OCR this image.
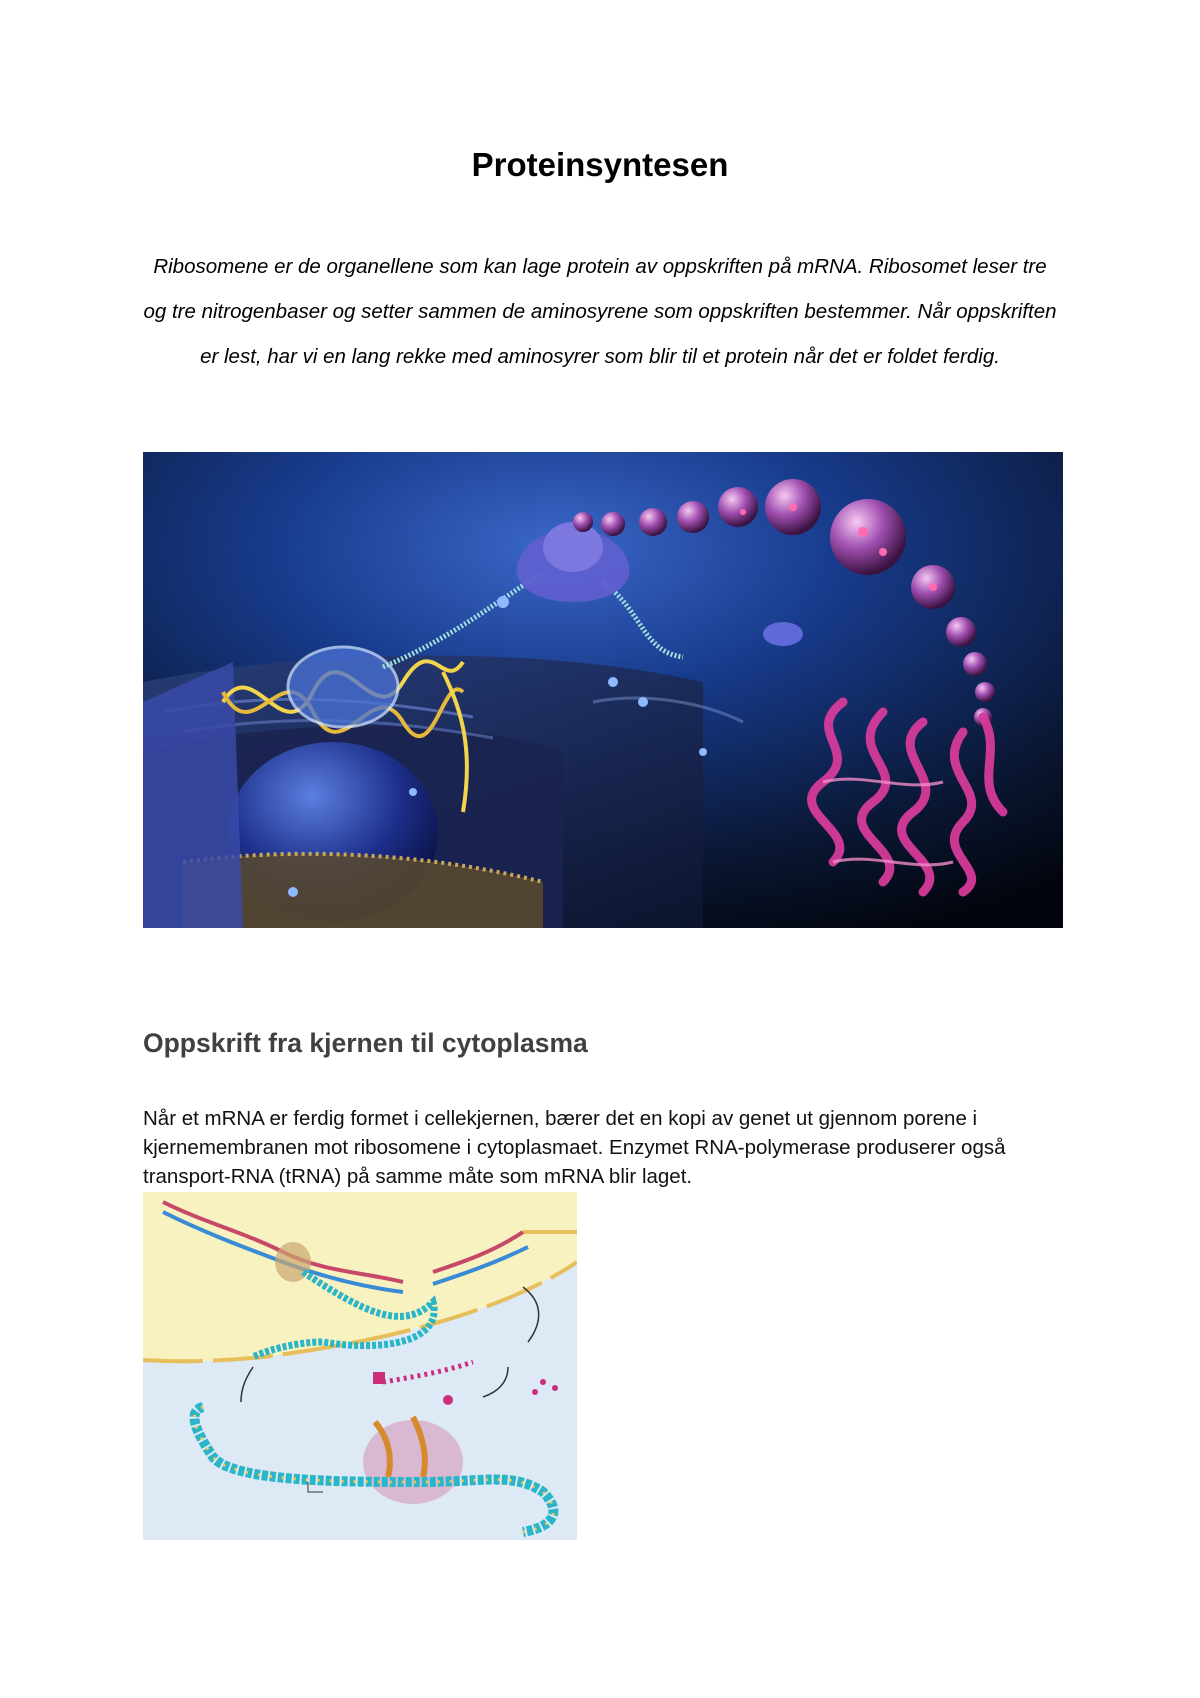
Proteinsyntesen

Ribosomene er de organellene som kan lage protein av oppskriften på mRNA. Ribosomet leser tre og tre nitrogenbaser og setter sammen de aminosyrene som oppskriften bestemmer. Når oppskriften er lest, har vi en lang rekke med aminosyrer som blir til et protein når det er foldet ferdig.

Oppskrift fra kjernen til cytoplasma

Når et mRNA er ferdig formet i cellekjernen, bærer det en kopi av genet ut gjennom porene i kjernemembranen mot ribosomene i cytoplasmaet. Enzymet RNA-polymerase produserer også transport-RNA (tRNA) på samme måte som mRNA blir laget.
